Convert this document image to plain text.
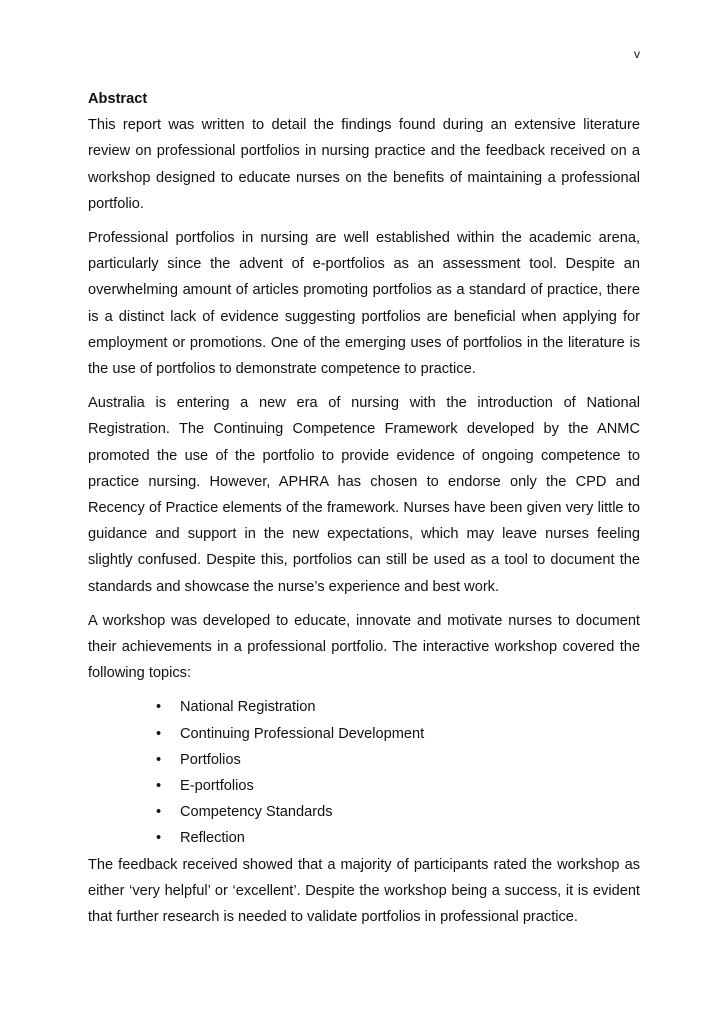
v

Abstract

This report was written to detail the findings found during an extensive literature review on professional portfolios in nursing practice and the feedback received on a workshop designed to educate nurses on the benefits of maintaining a professional portfolio.

Professional portfolios in nursing are well established within the academic arena, particularly since the advent of e-portfolios as an assessment tool. Despite an overwhelming amount of articles promoting portfolios as a standard of practice, there is a distinct lack of evidence suggesting portfolios are beneficial when applying for employment or promotions. One of the emerging uses of portfolios in the literature is the use of portfolios to demonstrate competence to practice.

Australia is entering a new era of nursing with the introduction of National Registration. The Continuing Competence Framework developed by the ANMC promoted the use of the portfolio to provide evidence of ongoing competence to practice nursing. However, APHRA has chosen to endorse only the CPD and Recency of Practice elements of the framework. Nurses have been given very little to guidance and support in the new expectations, which may leave nurses feeling slightly confused. Despite this, portfolios can still be used as a tool to document the standards and showcase the nurse’s experience and best work.

A workshop was developed to educate, innovate and motivate nurses to document their achievements in a professional portfolio. The interactive workshop covered the following topics:

• National Registration
• Continuing Professional Development
• Portfolios
• E-portfolios
• Competency Standards
• Reflection

The feedback received showed that a majority of participants rated the workshop as either ‘very helpful’ or ‘excellent’. Despite the workshop being a success, it is evident that further research is needed to validate portfolios in professional practice.
